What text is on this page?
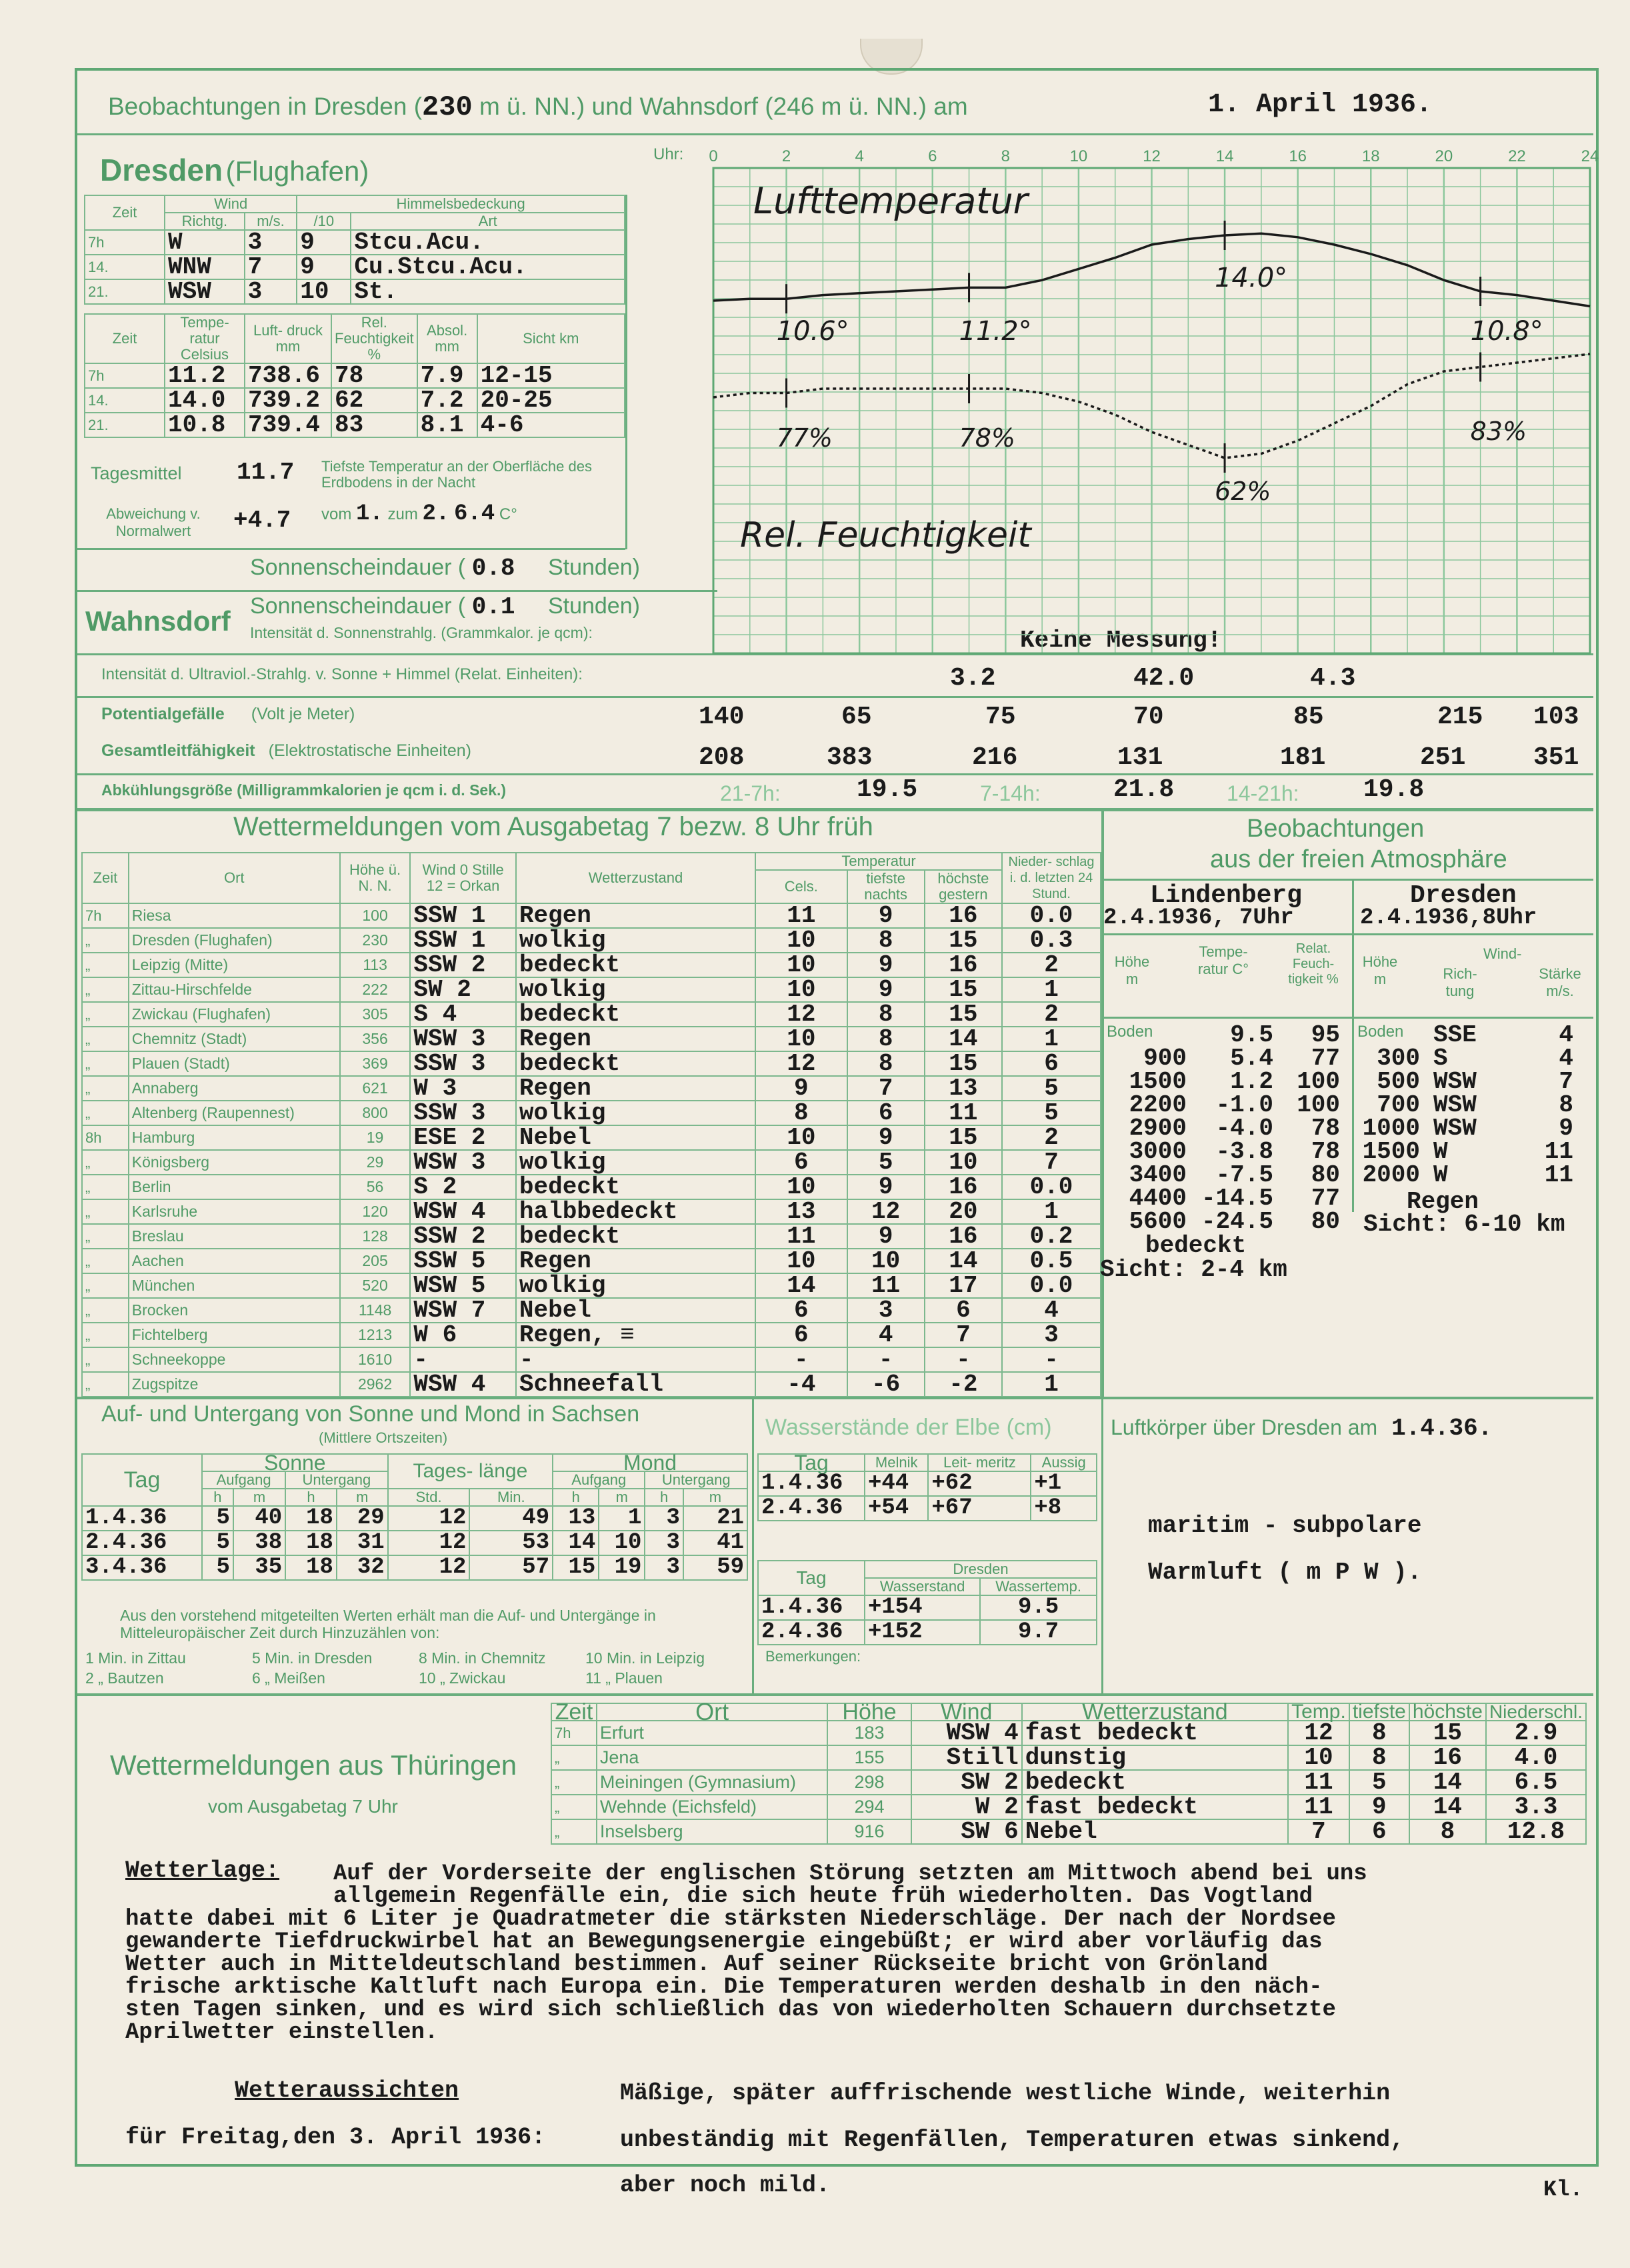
Beobachtungen in Dresden (230 m ü. NN.) und Wahnsdorf (246 m ü. NN.) am	1. April 1936.
Dresden (Flughafen)
Zeit	Wind		Himmelsbedeckung	
	Richtg.	m/s.	/10	Art
7h	W	3	9	Stcu.Acu.
14.	WNW	7	9	Cu.Stcu.Acu.
21.	WSW	3	10	St.
Zeit	Tempe- ratur Celsius	Luft- druck mm	Rel. Feuchtigkeit %	Absol. mm	Sicht km
7h	11.2	738.6	78	7.9	12-15
14.	14.0	739.2	62	7.2	20-25
21.	10.8	739.4	83	8.1	4-6
Tagesmittel 11.7 Tiefste Temperatur an der Oberfläche des Erdbodens in der Nacht
Abweichung v. Normalwert	+4.7 vom 1. zum 2. 6.4 C°
Sonnenscheindauer ( 0.8 Stunden)
Wahnsdorf Sonnenscheindauer ( 0.1 Stunden)
Intensität d. Sonnenstrahlg. (Grammkalor. je qcm):	Keine Messung!
Intensität d. Ultraviol.-Strahlg. v. Sonne + Himmel (Relat. Einheiten):	3.2	42.0	4.3
Potentialgefälle (Volt je Meter)	140	65	75	70	85	215 103
Gesamtleitfähigkeit (Elektrostatische Einheiten)	208	383	216	131	181	251	351
Abkühlungsgröße (Milligrammkalorien je qcm i. d. Sek.)	21-7h:	19.5	7-14h:	21.8 14-21h:	19.8
Uhr: 0	2	4	6	8	10	12	14	16	18	20	22	24
Lufttemperatur
Rel. Feuchtigkeit
10.6°	11.2°
14.0°
10.8°
77%	78%
62%
83%
Wettermeldungen vom Ausgabetag 7 bezw. 8 Uhr früh
Zeit	Ort	Höhe ü. N. N.	Wind 0 Stille 12 = Orkan	Wetterzustand	Temperatur			Nieder- schlag i. d. letzten 24 Stund.
					Cels.	tiefste nachts	höchste gestern	
7h	Riesa	100	SSW 1	Regen	11	9	16	0.0
„	Dresden (Flughafen)	230	SSW 1	wolkig	10	8	15	0.3
„	Leipzig (Mitte)	113	SSW 2	bedeckt	10	9	16	2
„	Zittau-Hirschfelde	222	SW 2	wolkig	10	9	15	1
„	Zwickau (Flughafen)	305	S 4	bedeckt	12	8	15	2
„	Chemnitz (Stadt)	356	WSW 3	Regen	10	8	14	1
„	Plauen (Stadt)	369	SSW 3	bedeckt	12	8	15	6
„	Annaberg	621	W 3	Regen	9	7	13	5
„	Altenberg (Raupennest)	800	SSW 3	wolkig	8	6	11	5
8h	Hamburg	19	ESE 2	Nebel	10	9	15	2
„	Königsberg	29	WSW 3	wolkig	6	5	10	7
„	Berlin	56	S 2	bedeckt	10	9	16	0.0
„	Karlsruhe	120	WSW 4	halbbedeckt	13	12	20	1
„	Breslau	128	SSW 2	bedeckt	11	9	16	0.2
„	Aachen	205	SSW 5	Regen	10	10	14	0.5
„	München	520	WSW 5	wolkig	14	11	17	0.0
„	Brocken	1148	WSW 7	Nebel	6	3	6	4
„	Fichtelberg	1213	W 6	Regen, ≡	6	4	7	3
„	Schneekoppe	1610	-	-	-	-	-	-
„	Zugspitze	2962	WSW 4	Schneefall	-4	-6	-2	1
Beobachtungen
aus der freien Atmosphäre
Lindenberg
2.4.1936, 7Uhr
Dresden
2.4.1936,8Uhr
Höhe m
Tempe- ratur C°
Relat. Feuch- tigkeit %
Höhe m
Wind-
Rich- tung
Stärke m/s.
Boden	9.5	95
900	5.4	77
1500	1.2 100
2200	-1.0 100
2900	-4.0	78
3000	-3.8	78
3400	-7.5	80
4400 -14.5	77
5600 -24.5	80
Boden SSE	4
300 S	4
500 WSW	7
700 WSW	8
1000 WSW	9
1500 W	11
2000 W	11
bedeckt
Sicht: 2-4 km
Regen
Sicht: 6-10 km
Auf- und Untergang von Sonne und Mond in Sachsen
(Mittlere Ortszeiten)
Tag	Sonne				Tages- länge		Mond			
	Aufgang		Untergang				Aufgang		Untergang	
	h	m	h	m	Std.	Min.	h	m	h	m
1.4.36	5	40	18	29	12	49	13	1	3	21
2.4.36	5	38	18	31	12	53	14	10	3	41
3.4.36	5	35	18	32	12	57	15	19	3	59
Aus den vorstehend mitgeteilten Werten erhält man die Auf- und Untergänge in Mitteleuropäischer Zeit durch Hinzuzählen von:
1 Min. in Zittau
2 „ Bautzen
5 Min. in Dresden
6 „ Meißen
8 Min. in Chemnitz
10 „ Zwickau
10 Min. in Leipzig
11 „ Plauen
Wasserstände der Elbe (cm)
Tag	Melnik	Leit- meritz	Aussig
1.4.36	+44	+62	+1
2.4.36	+54	+67	+8
Tag	Dresden	
	Wasserstand	Wassertemp.
1.4.36	+154	9.5
2.4.36	+152	9.7
Bemerkungen:
Luftkörper über Dresden am 1.4.36.
maritim - subpolare
Warmluft ( m P W ).
Wettermeldungen aus Thüringen
vom Ausgabetag 7 Uhr
Zeit	Ort	Höhe	Wind	Wetterzustand	Temp.	tiefste	höchste	Niederschl.
7h	Erfurt	183	WSW 4	fast bedeckt	12	8	15	2.9
„	Jena	155	Still	dunstig	10	8	16	4.0
„	Meiningen (Gymnasium)	298	SW 2	bedeckt	11	5	14	6.5
„	Wehnde (Eichsfeld)	294	W 2	fast bedeckt	11	9	14	3.3
„	Inselsberg	916	SW 6	Nebel	7	6	8	12.8
Wetterlage: Auf der Vorderseite der englischen Störung setzten am Mittwoch abend bei uns
allgemein Regenfälle ein, die sich heute früh wiederholten. Das Vogtland
hatte dabei mit 6 Liter je Quadratmeter die stärksten Niederschläge. Der nach der Nordsee
gewanderte Tiefdruckwirbel hat an Bewegungsenergie eingebüßt; er wird aber vorläufig das
Wetter auch in Mitteldeutschland bestimmen. Auf seiner Rückseite bricht von Grönland
frische arktische Kaltluft nach Europa ein. Die Temperaturen werden deshalb in den näch-
sten Tagen sinken, und es wird sich schließlich das von wiederholten Schauern durchsetzte
Aprilwetter einstellen.
Wetteraussichten
für Freitag,den 3. April 1936:
Mäßige, später auffrischende westliche Winde, weiterhin
unbeständig mit Regenfällen, Temperaturen etwas sinkend,
aber noch mild.	Kl.
